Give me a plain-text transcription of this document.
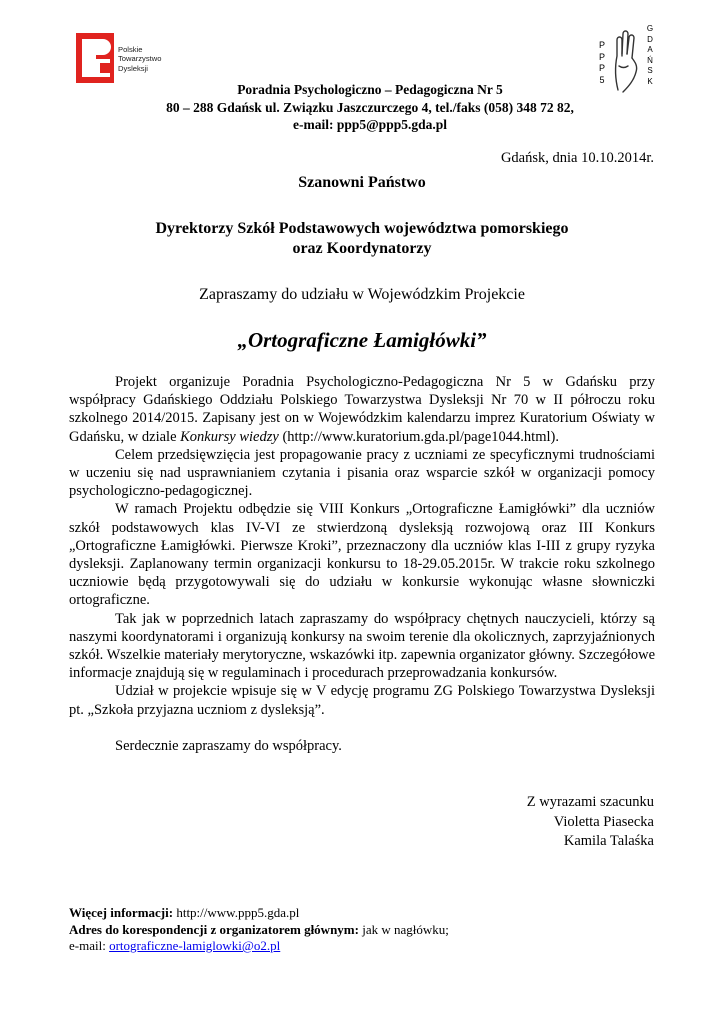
Polskie
Towarzystwo
Dysleksji
P
P
P
5
G
D
A
Ń
S
K
Poradnia Psychologiczno – Pedagogiczna Nr 5
80 – 288 Gdańsk ul. Związku Jaszczurczego 4, tel./faks (058) 348 72 82,
e-mail: ppp5@ppp5.gda.pl
Gdańsk, dnia 10.10.2014r.
Szanowni Państwo
Dyrektorzy Szkół Podstawowych województwa pomorskiego
oraz Koordynatorzy
Zapraszamy do udziału w Wojewódzkim Projekcie
„Ortograficzne Łamigłówki”

Projekt organizuje Poradnia Psychologiczno-Pedagogiczna Nr 5 w Gdańsku przy współpracy Gdańskiego Oddziału Polskiego Towarzystwa Dysleksji Nr 70 w II półroczu roku szkolnego 2014/2015. Zapisany jest on w Wojewódzkim kalendarzu imprez Kuratorium Oświaty w Gdańsku, w dziale Konkursy wiedzy (http://www.kuratorium.gda.pl/page1044.html).

Celem przedsięwzięcia jest propagowanie pracy z uczniami ze specyficznymi trudnościami w uczeniu się nad usprawnianiem czytania i pisania oraz wsparcie szkół w organizacji pomocy psychologiczno-pedagogicznej.

W ramach Projektu odbędzie się VIII Konkurs „Ortograficzne Łamigłówki” dla uczniów szkół podstawowych klas IV-VI ze stwierdzoną dysleksją rozwojową oraz III Konkurs „Ortograficzne Łamigłówki. Pierwsze Kroki”, przeznaczony dla uczniów klas I-III z grupy ryzyka dysleksji. Zaplanowany termin organizacji konkursu to 18-29.05.2015r. W trakcie roku szkolnego uczniowie będą przygotowywali się do udziału w konkursie wykonując własne słowniczki ortograficzne.

Tak jak w poprzednich latach zapraszamy do współpracy chętnych nauczycieli, którzy są naszymi koordynatorami i organizują konkursy na swoim terenie dla okolicznych, zaprzyjaźnionych szkół. Wszelkie materiały merytoryczne, wskazówki itp. zapewnia organizator główny. Szczegółowe informacje znajdują się w regulaminach i procedurach przeprowadzania konkursów.

Udział w projekcie wpisuje się w V edycję programu ZG Polskiego Towarzystwa Dysleksji pt. „Szkoła przyjazna uczniom z dysleksją”.

Serdecznie zapraszamy do współpracy.

Z wyrazami szacunku
Violetta Piasecka
Kamila Talaśka
Więcej informacji: http://www.ppp5.gda.pl
Adres do korespondencji z organizatorem głównym: jak w nagłówku;
e-mail: ortograficzne-lamiglowki@o2.pl
